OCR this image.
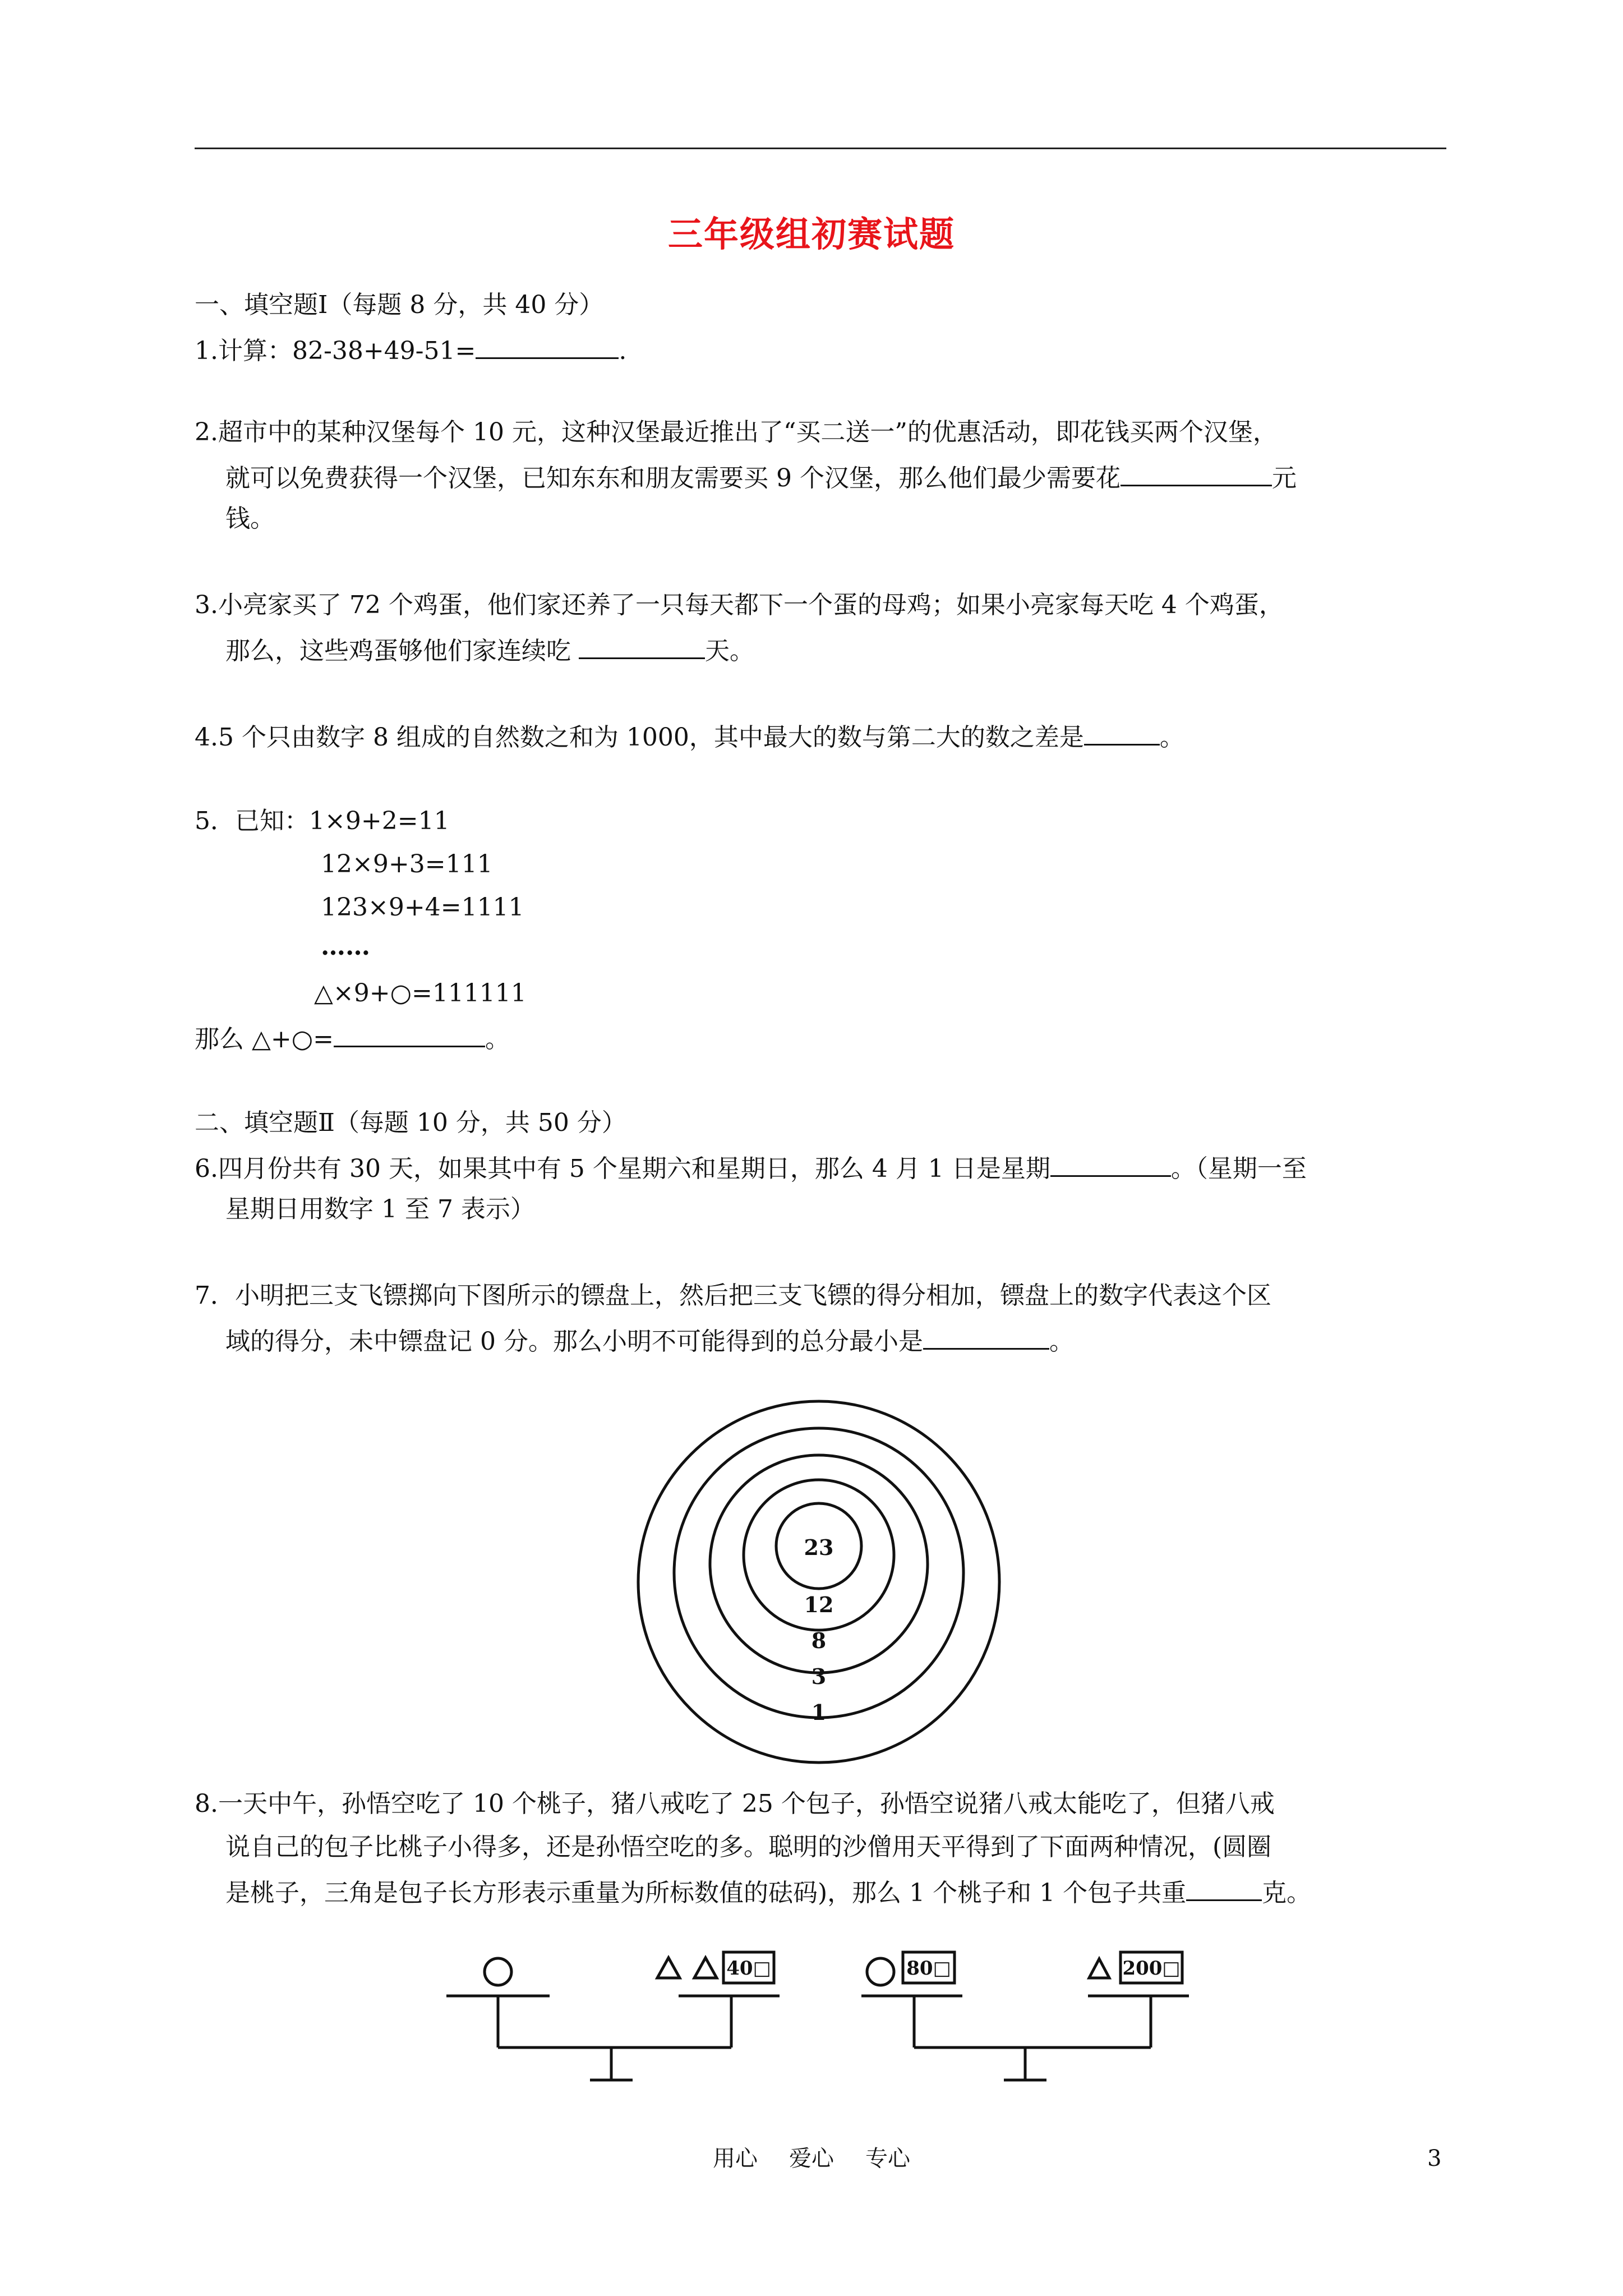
三年级组初赛试题
一、填空题Ⅰ（每题 8 分，共 40 分）
1.计算：82-38+49-51=	.
2.超市中的某种汉堡每个 10 元，这种汉堡最近推出了“买二送一”的优惠活动，即花钱买两个汉堡，
就可以免费获得一个汉堡，已知东东和朋友需要买 9 个汉堡，那么他们最少需要花	元
钱。
3.小亮家买了 72 个鸡蛋，他们家还养了一只每天都下一个蛋的母鸡；如果小亮家每天吃 4 个鸡蛋，
那么，这些鸡蛋够他们家连续吃	天。
4.5 个只由数字 8 组成的自然数之和为 1000，其中最大的数与第二大的数之差是	。
5．已知：1×9+2=11
12×9+3=111
123×9+4=1111
……
△×9+○=111111
那么 △+○=	。
二、填空题Ⅱ（每题 10 分，共 50 分）
6.四月份共有 30 天，如果其中有 5 个星期六和星期日，那么 4 月 1 日是星期	。（星期一至
星期日用数字 1 至 7 表示）
7．小明把三支飞镖掷向下图所示的镖盘上，然后把三支飞镖的得分相加，镖盘上的数字代表这个区
域的得分，未中镖盘记 0 分。那么小明不可能得到的总分最小是	。
23
12
8
3
1
8.一天中午，孙悟空吃了 10 个桃子，猪八戒吃了 25 个包子，孙悟空说猪八戒太能吃了，但猪八戒
说自己的包子比桃子小得多，还是孙悟空吃的多。聪明的沙僧用天平得到了下面两种情况，(圆圈
是桃子，三角是包子长方形表示重量为所标数值的砝码)，那么 1 个桃子和 1 个包子共重	克。
40□	80□	200□
用心 爱心 专心	3
